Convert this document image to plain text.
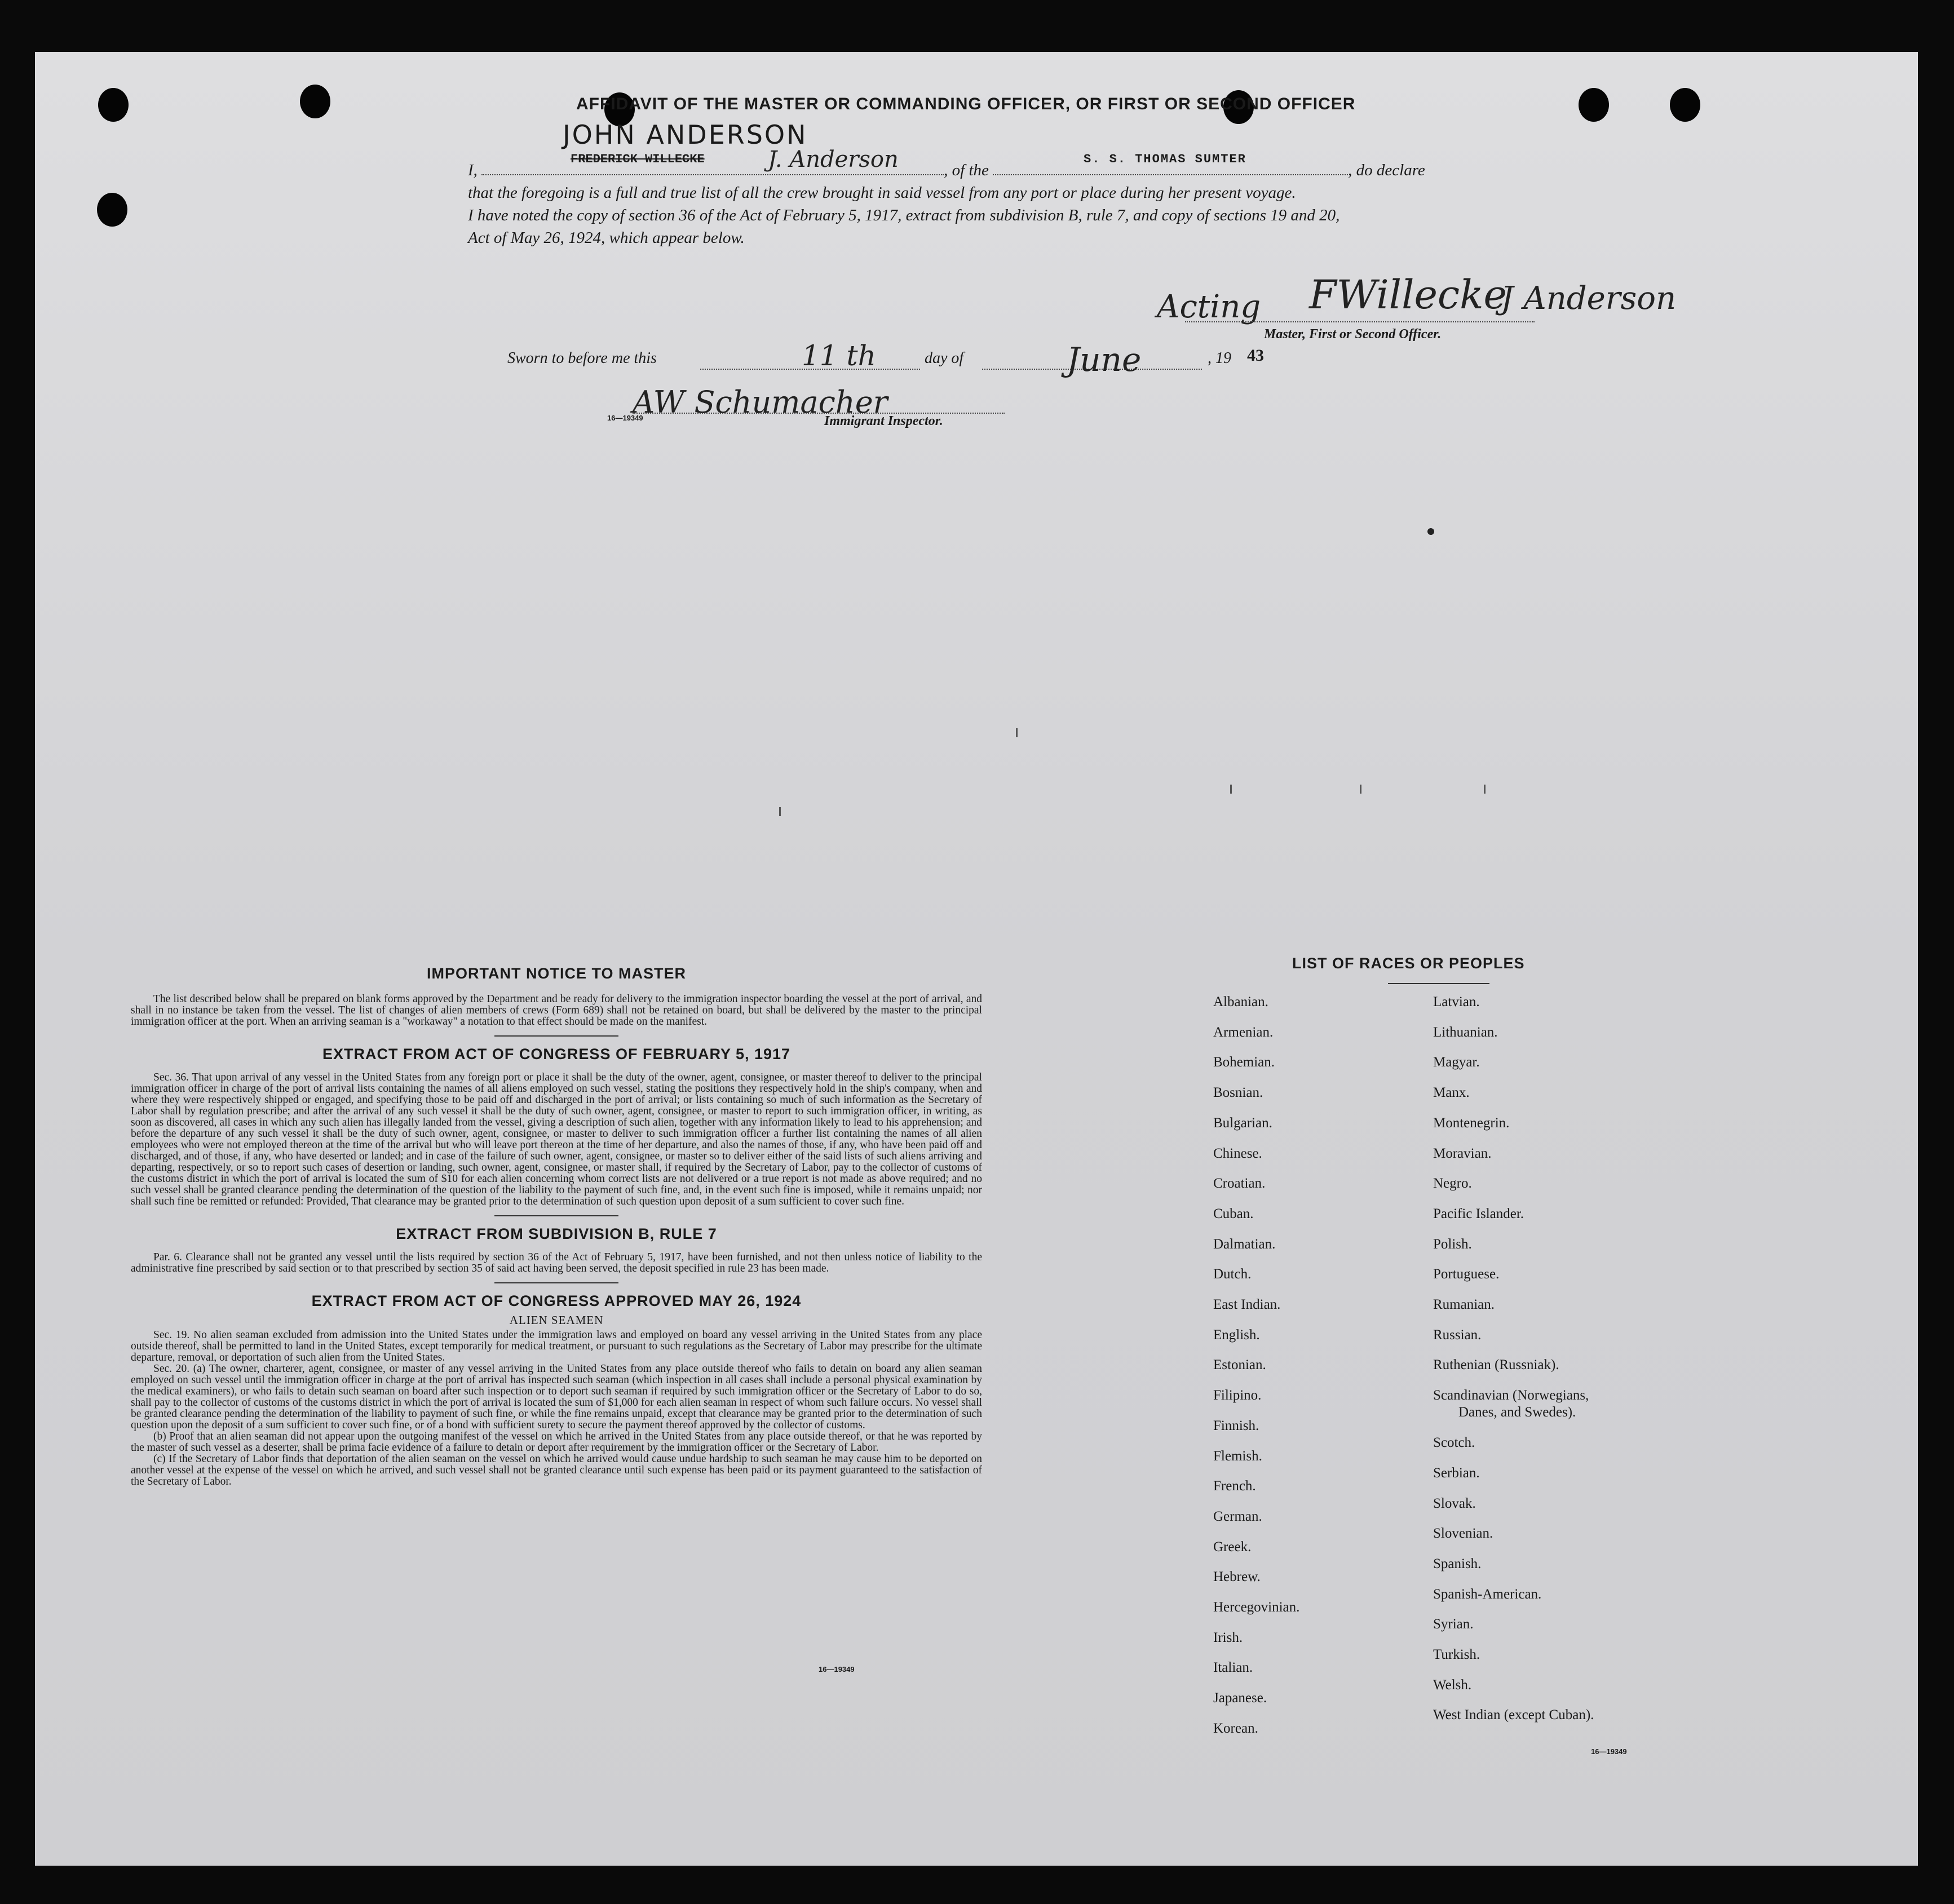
AFFIDAVIT OF THE MASTER OR COMMANDING OFFICER, OR FIRST OR SECOND OFFICER
JOHN ANDERSON
FREDERICK WILLECKE	J. Anderson	S. S. THOMAS SUMTER
I,	, of the	, do declare
that the foregoing is a full and true list of all the crew brought in said vessel from any port or place during her present voyage.
I have noted the copy of section 36 of the Act of February 5, 1917, extract from subdivision B, rule 7, and copy of sections 19 and 20,
Act of May 26, 1924, which appear below.
Acting FWillecke
J Anderson
Master, First or Second Officer.
Sworn to before me this	11 th	day of	June	, 19 43
AW Schumacher
16—19349	Immigrant Inspector.

IMPORTANT NOTICE TO MASTER

The list described below shall be prepared on blank forms approved by the Department and be ready for delivery to the immigration inspector boarding the vessel at the port of arrival, and shall in no instance be taken from the vessel. The list of changes of alien members of crews (Form 689) shall not be retained on board, but shall be delivered by the master to the principal immigration officer at the port. When an arriving seaman is a "workaway" a notation to that effect should be made on the manifest.

EXTRACT FROM ACT OF CONGRESS OF FEBRUARY 5, 1917

Sec. 36. That upon arrival of any vessel in the United States from any foreign port or place it shall be the duty of the owner, agent, consignee, or master thereof to deliver to the principal immigration officer in charge of the port of arrival lists containing the names of all aliens employed on such vessel, stating the positions they respectively hold in the ship's company, when and where they were respectively shipped or engaged, and specifying those to be paid off and discharged in the port of arrival; or lists containing so much of such information as the Secretary of Labor shall by regulation prescribe; and after the arrival of any such vessel it shall be the duty of such owner, agent, consignee, or master to report to such immigration officer, in writing, as soon as discovered, all cases in which any such alien has illegally landed from the vessel, giving a description of such alien, together with any information likely to lead to his apprehension; and before the departure of any such vessel it shall be the duty of such owner, agent, consignee, or master to deliver to such immigration officer a further list containing the names of all alien employees who were not employed thereon at the time of the arrival but who will leave port thereon at the time of her departure, and also the names of those, if any, who have been paid off and discharged, and of those, if any, who have deserted or landed; and in case of the failure of such owner, agent, consignee, or master so to deliver either of the said lists of such aliens arriving and departing, respectively, or so to report such cases of desertion or landing, such owner, agent, consignee, or master shall, if required by the Secretary of Labor, pay to the collector of customs of the customs district in which the port of arrival is located the sum of $10 for each alien concerning whom correct lists are not delivered or a true report is not made as above required; and no such vessel shall be granted clearance pending the determination of the question of the liability to the payment of such fine, and, in the event such fine is imposed, while it remains unpaid; nor shall such fine be remitted or refunded: Provided, That clearance may be granted prior to the determination of such question upon deposit of a sum sufficient to cover such fine.

EXTRACT FROM SUBDIVISION B, RULE 7

Par. 6. Clearance shall not be granted any vessel until the lists required by section 36 of the Act of February 5, 1917, have been furnished, and not then unless notice of liability to the administrative fine prescribed by said section or to that prescribed by section 35 of said act having been served, the deposit specified in rule 23 has been made.

EXTRACT FROM ACT OF CONGRESS APPROVED MAY 26, 1924

ALIEN SEAMEN

Sec. 19. No alien seaman excluded from admission into the United States under the immigration laws and employed on board any vessel arriving in the United States from any place outside thereof, shall be permitted to land in the United States, except temporarily for medical treatment, or pursuant to such regulations as the Secretary of Labor may prescribe for the ultimate departure, removal, or deportation of such alien from the United States.

Sec. 20. (a) The owner, charterer, agent, consignee, or master of any vessel arriving in the United States from any place outside thereof who fails to detain on board any alien seaman employed on such vessel until the immigration officer in charge at the port of arrival has inspected such seaman (which inspection in all cases shall include a personal physical examination by the medical examiners), or who fails to detain such seaman on board after such inspection or to deport such seaman if required by such immigration officer or the Secretary of Labor to do so, shall pay to the collector of customs of the customs district in which the port of arrival is located the sum of $1,000 for each alien seaman in respect of whom such failure occurs. No vessel shall be granted clearance pending the determination of the liability to payment of such fine, or while the fine remains unpaid, except that clearance may be granted prior to the determination of such question upon the deposit of a sum sufficient to cover such fine, or of a bond with sufficient surety to secure the payment thereof approved by the collector of customs.

(b) Proof that an alien seaman did not appear upon the outgoing manifest of the vessel on which he arrived in the United States from any place outside thereof, or that he was reported by the master of such vessel as a deserter, shall be prima facie evidence of a failure to detain or deport after requirement by the immigration officer or the Secretary of Labor.

(c) If the Secretary of Labor finds that deportation of the alien seaman on the vessel on which he arrived would cause undue hardship to such seaman he may cause him to be deported on another vessel at the expense of the vessel on which he arrived, and such vessel shall not be granted clearance until such expense has been paid or its payment guaranteed to the satisfaction of the Secretary of Labor.

16—19349
LIST OF RACES OR PEOPLES
Albanian.
Armenian.
Bohemian.
Bosnian.
Bulgarian.
Chinese.
Croatian.
Cuban.
Dalmatian.
Dutch.
East Indian.
English.
Estonian.
Filipino.
Finnish.
Flemish.
French.
German.
Greek.
Hebrew.
Hercegovinian.
Irish.
Italian.
Japanese.
Korean.
Latvian.
Lithuanian.
Magyar.
Manx.
Montenegrin.
Moravian.
Negro.
Pacific Islander.
Polish.
Portuguese.
Rumanian.
Russian.
Ruthenian (Russniak).
Scandinavian (Norwegians,
Danes, and Swedes).
Scotch.
Serbian.
Slovak.
Slovenian.
Spanish.
Spanish-American.
Syrian.
Turkish.
Welsh.
West Indian (except Cuban).
16—19349
